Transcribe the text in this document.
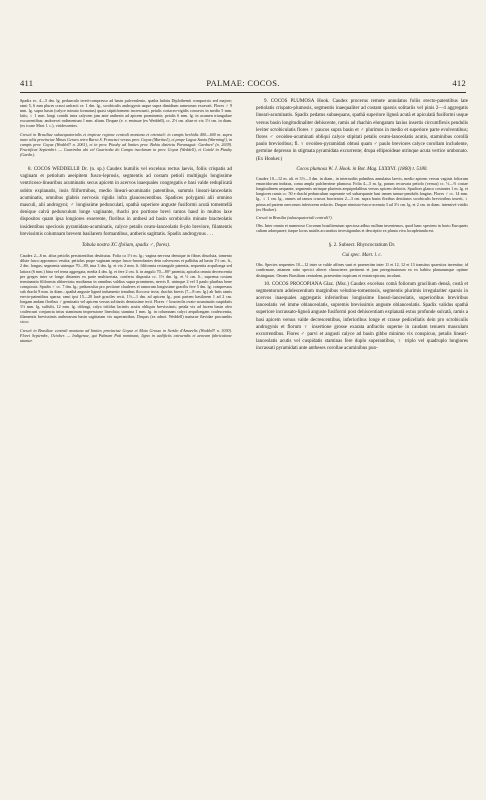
411	PALMAE: COCOS.	412

Spadix ec. 4—5 dm. lg. pedunculo tereti-compresso ad basin pulverulento, spatha habitu Diplothemii compactrix sed majore; rami 5, 6 mm plures crassi anfracti ce. 1 dm. lg., scrobiculis androgynis usque supra dimidium rameorum excavati. Flores ♂ 9 mm. lg. supra basin (calyce minuto formatus) quasi stipitiformem increscunti, petalis coriaceo-rigidis concavis in medio 5 mm. latis; ♀ 1 mm. longi conidii intra calycem jam ante anthesin ad apicem prominente, petalis 6 mm. lg. in acumen triangulare excurrentibus; androecei rudimentum 1 mm. altum. Drupae (e. v. emissae (ex Weddell), cc. 2½ cm. altae et vix 1½ cm. in diam. (ex icone Mart. l. c.), viridescentes.

Crescit in Brasiliae subaequatorialis et tropicae regione centrali montana et orientali: in campis herbidis 400—600 m. supra mare altis provinciae Minas Geraes retro Barra S. Francisci versus prov. Goyaz (Martius!), et prope Lagoa Santa (Warming!), in campis prov. Goyaz (Weddell! n. 2061), et in prov. Piauhy ad limites prov. Bahia districtu Paranaguá: Gardner! (n. 2639). Fructificat Septembri. — Guariroba ubi vel Guariroba do Campo incolarum in prov. Goyaz (Weddell), et Catolé in Piauhy (Gardn.).

8. COCOS WEDDELLII Dr. (n. sp.) Caudex humilis vel excelsus rectus laevis, foliis crispatis ad vaginam et petiolum aeeipitem fusco-leprosis, segmentis ad costam petioli multijugis longissime ventricoso-linearibus acuminatis secus apicem in acervos inaequales congregatis e basi valde reduplicatâ subito explanatis, insis filiformibus, medio lineari-acuminatis patentibus, summis lineari-lanceolatis acuminatis, omnibus glabris nervosis rigidis infra glaucescentibus. Spadices polygami alii omnino masculi, alii androgyni; ♂ longissime pedunculati, spathâ superiore anguste fusiformi acutâ tomentellâ denique calvâ pedunculum longe vaginante, rhachi pro portione brevi ramos haud in multos laxe dispositos quam ipsa longiores exserente, floribus in anthesi ad basin scrobiculis minute bracteolatis insidentibus speciosis pyramidato-acuminatis, calyce petalis ovato-lanceolatis 8-plo breviore, filamentis brevissimis columnam brevem basilarem formantibus, antheris sagittatis. Spadix androgynus . . .

Tabula nostra XC (foliam, spadix ♂, flores).

Caudex 2—6 m. altus petiolis persistentibus destitutus. Folia ca 1½ m. lg.; vagina nervosa demique in fibras dissoluta, tomento dilute fusco apposmoo vestita; petiolus prope vaginam neque fusco-lanceolantes dein calvescens et pallidus ad basin 1½ cm. lt., 2 dm. longus; segmenta utrinque 70—80, ima 3 dm. lg. et vix 2 mm. lt. filiformia rectangule patentia, sequentia acquilonga sed latiora (6 mm.) bina vel terna aggregata, media 4 dm. lg. et fere 2 cm. lt. in angulo 70—80° patentia, apicalia omnia decrescentia per greges inter se longe distantes ex parte multiseriata, conferta disposita cc. 1½ dm. lg. et ½ cm. lt., suprema costam terminantia filiformia abbreviata; modianus in omnibus valdius supra prominens, nervis ll. utrinque 2 vel 3 paulo pluribus bene conspicuis. Spadix ♂ cc. 7 dm. lg.; pedunculus pro pectione clauleres et ramorum longissime gracilis fere 5 dm. lg. compressus sub rhachi 8 mm. in diam.; spathâ anguste ligneâ indumento tenuibus floccose tecta; rhachis brevis (7—8 cm. lg.) ab Iniis ramis erecto-patentibus sparsa; rami ipsi 15—20 laxè graciles recti, 1½—1 dm. ad apicem lg., post partem basilarem 1 ad 2 cm. longam andam floribus ♂ geminatis vel apicem versus solitariis densissime tecti. Flores ♂ bracteolis ovato-acuminatis cuspidatis 1½ mm. lg. suffulti, 12 mm. lg. oblongi, calyx trifidus laciniis acutis obliquis brevissimis; petala vix ad lucem basin oleo coalescunt conjuncta intus staminum impressione lineolata; stamina 1 mm. lg. in columnam calyci aequilongam coalescentia, filamentis brevissimis antherarum basin sagittatam vix superantibus. Drupas (ex adnot. Weddell) maturae flavidae procumbis sicco.

Crescit in Brasiliae centrali montana ad limites provinciae Goyaz et Mato Grosso in Sertão d'Amarelis (Weddell! n. 3030). Floret Septembr., October. — Indigenae, qui Palmam Pati nominant, ligno in aedificiis extruendis et aeneam fabricatione utuntur.

9. COCOS PLUMOSA Hook. Caudex procerus remote annulatus foliis erecto-patentibus late petiolatis crispato-plumosis, segmentis inaequaliter ad costam sparsis solitariis vel pinis 2—4 aggregatis lineari-acuminatis. Spadix pedatus subaequans, spathâ superiore ligneâ acutâ et apiculatâ fusiformi usque versus basin longitudinaliter dehiscente, ramis ad rhachin elongatam laxius insertis circumflexis pendulis leviter scrobiculatis flores ♀ paucos supra basin et ♂ plurimos in medio et superiore parte evolventibus; flores ♂ ovoideo-acuminati obliqui calyce stipitati petalis ovato-lanceolatis acutis, staminibus corollâ paulo brevioribus; fl. ♀ ovoideo-pyramidati obtusi quam ♂ paulo breviores calyce corollam includente, germine depresso in stigmata pyramidata excurrente; drupa ellipsoideae utrinque acuta vertice umbonato. (Ex Hooker.)

Cocos plumosa W. J. Hook. in Bot. Mag. LXXXVI. (1860) t. 5180.

Caudex 10—12 m. alt. et 3½—3 dm. in diam., in internodiis palmibus annulatus laevis, medio apicem versus vaginis foliorum emarcidorum indutus, coma ampla pulcherrime plumosa. Folia 4—5 m. lg. parum recurvata petiolo (versus) cc. ½—⅔ costae longitudinem aequante, segmentis utrinque plurimis aequipedalibus versus apicem defactis. Spadices glauco costantes 1 m. lg. et longiores ramis cc. 50 e rhachi pedunculum superante vel subaequante basi tamen tarnuo-pendulis longius. Flores ♂ cc. 14 mm. lg., ♀ 1 cm. lg., omnes ad ramos crassos bracteatos 2—3 cm. supra basin floribus destitutos scrobiculis brevioribus inserti, ♀ prima ad partem onecorum inferiorem redactis. Drupae nimiuto-fusco-acenata 3 ad 3½ cm. lg. et 2 cm. in diam. intensivé viridis (ex Hooker).

Crescit in Brasilia (subaequatoriali centrali?).

Obs. Inter omnia et numeroso Cocorum brasiliensium speciosa adhuc nullum inveniemos, quod hanc speciem in horto Europaeis cultam adaequaret; itaque locus natalis accuratius investigandus et descriptio ex planta viva locupletanda est.

§. 2. Subsect. Rhyncocratium Dr.

Cui spec. Mart. l. c.

Obs. Species sequentes 10—12 inter se valde affines sunt et praesertim inter 11 et 12, 12 et 13 transitus quaesitos invenitur; id confirmare, attamen ratio specici alterei characteres pertinent et jam peregrinatorum ea ex habitu planarumque optime distinguunt. Omnes Brasiliam centralem, praesertim tropicam et extratropicam, incolunt.

10. COCOS PROCOPIANA Glaz. (Msc.) Caudex excelsus comâ foliorum gracilium densâ, costâ et segmentorum adolescentium marginibus velutino-tomentosis, segmentis plurimis irregulariter sparsis in acervos inaequales aggregatis inferioribus longissime lineari-lanceolatis, superioribus breviribus lanceolatis vel imme oblanceolatis, supremis brevissimis anguste oblanceolatis. Spadix validus spathâ superiore incrassato-ligneâ anguste fusiformi post dehiscentiam explanatâ extus profunde sulcatâ, ramis a basi apicem versus valde decrescentibus, inferioribus longe et crasse pedicellatis dein pro scrobiculis androgynis et florum ♀ insertione grosse exarata anfractis superne in caudam tenuem masculam excurrentibus. Flores ♂ parvi et angusti calyce ad basin gibbo minimo vix conspicuo, petalis lineari-lanceolatis acutis vel cuspidatis staminas fere duplo superantibus, ♀ triplo vel quadruplo longiores incrassati pyramidati ante antheses corollae acuminibus pun-
